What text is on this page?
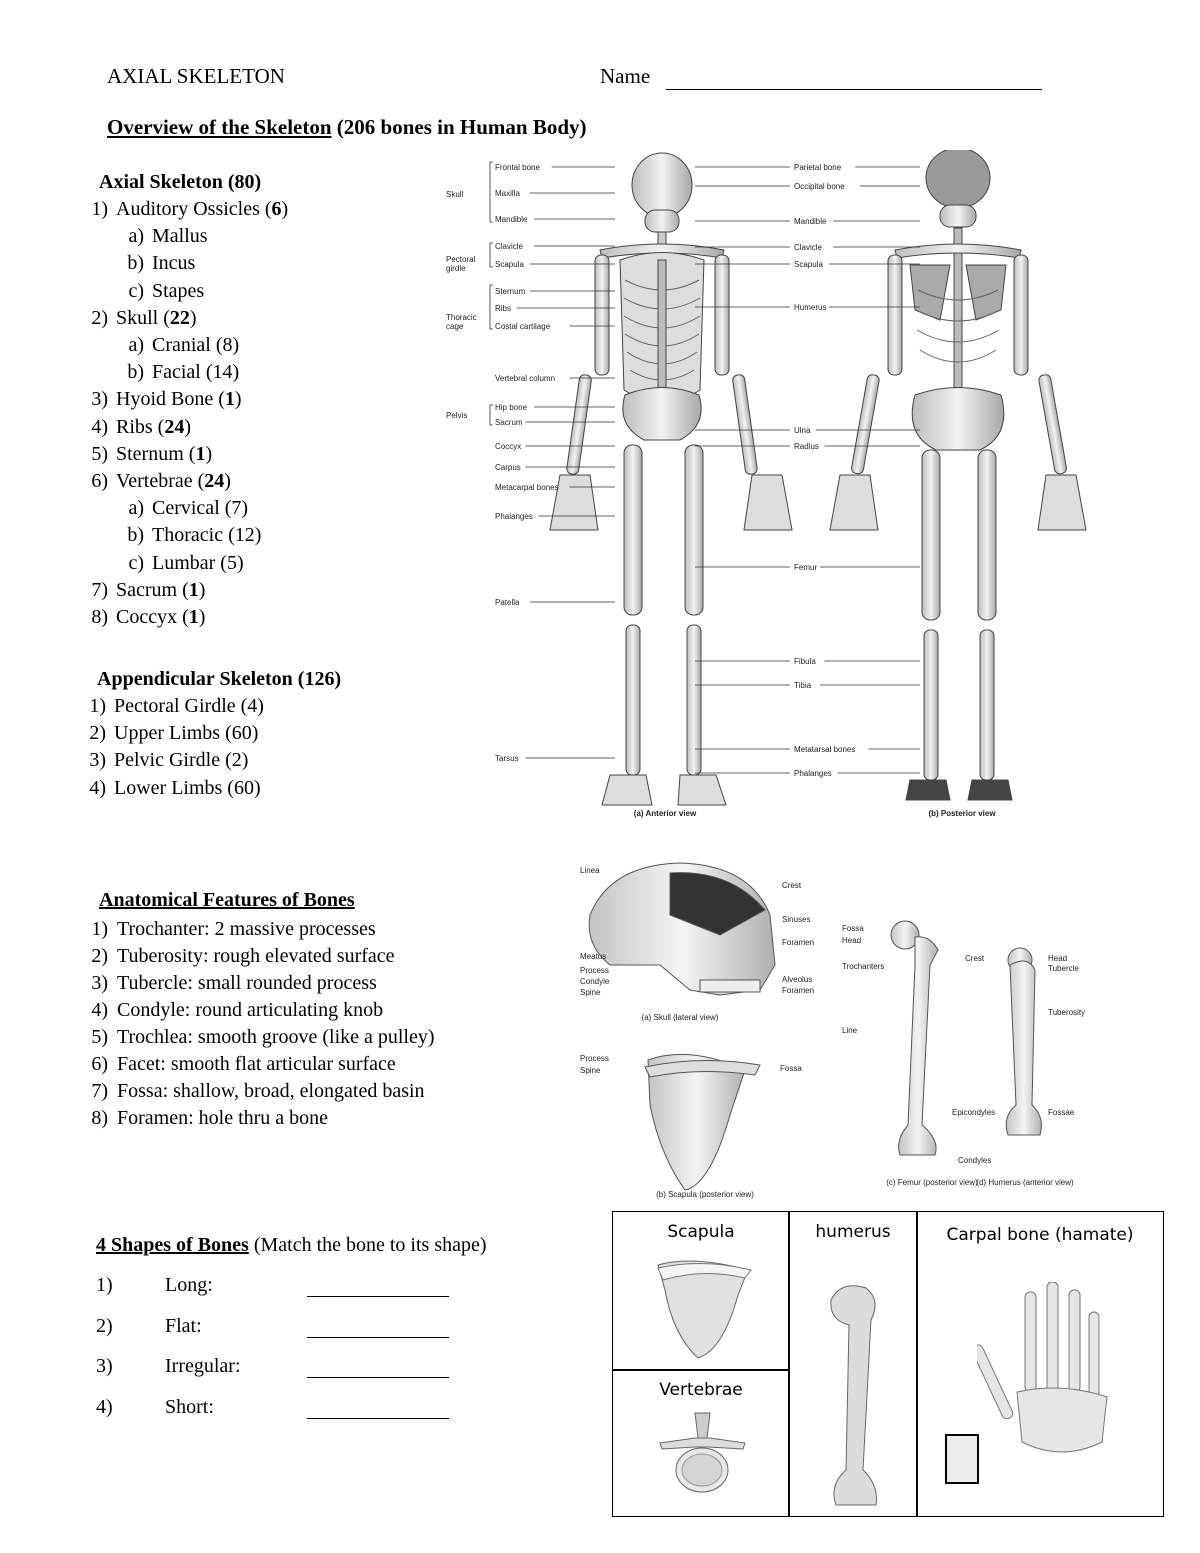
AXIAL SKELETON	Name
Overview of the Skeleton (206 bones in Human Body)
Axial Skeleton (80)
1) Auditory Ossicles (6)
a) Mallus
b) Incus
c) Stapes
2) Skull (22)
a) Cranial (8)
b) Facial (14)
3) Hyoid Bone (1)
4) Ribs (24)
5) Sternum (1)
6) Vertebrae (24)
a) Cervical (7)
b) Thoracic (12)
c) Lumbar (5)
7) Sacrum (1)
8) Coccyx (1)
Appendicular Skeleton (126)
1) Pectoral Girdle (4)
2) Upper Limbs (60)
3) Pelvic Girdle (2)
4) Lower Limbs (60)
Anatomical Features of Bones
1) Trochanter: 2 massive processes
2) Tuberosity: rough elevated surface
3) Tubercle: small rounded process
4) Condyle: round articulating knob
5) Trochlea: smooth groove (like a pulley)
6) Facet: smooth flat articular surface
7) Fossa: shallow, broad, elongated basin
8) Foramen: hole thru a bone
4 Shapes of Bones (Match the bone to its shape)
1)	Long:
2)	Flat:
3)	Irregular:
4)	Short:
Skull
Pectoral
girdle
Thoracic
cage
Pelvis
Frontal bone
Maxilla
Mandible
Clavicle
Scapula
Sternum
Ribs
Costal cartilage
Vertebral column
Hip bone
Sacrum
Coccyx
Carpus
Metacarpal bones
Phalanges
Patella
Tarsus
Parietal bone
Occipital bone
Mandible
Clavicle
Scapula
Humerus
Ulna
Radius
Femur
Fibula
Tibia
Metatarsal bones
Phalanges
(a) Anterior view	(b) Posterior view
Linea
Crest
Sinuses
Foramen
Meatus
Process
Condyle
Spine
Alveolus
Foramen
Process
Spine	Fossa
Fossa
Head
Trochanters
Crest
Line
Epicondyles
Condyles
Head
Tubercle
Tuberosity
Fossae
(a) Skull (lateral view)
(b) Scapula (posterior view)
(c) Femur (posterior view)
(d) Humerus (anterior view)
Scapula
Vertebrae
humerus	Carpal bone (hamate)
